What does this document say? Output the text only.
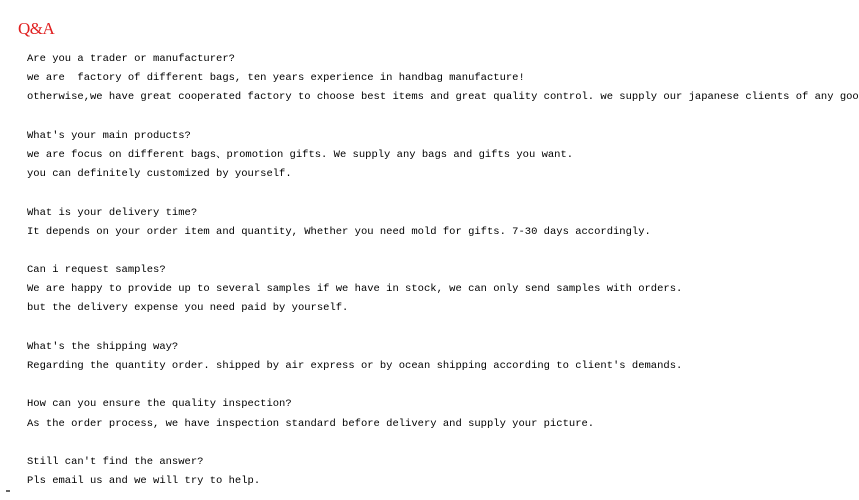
Q&A
Are you a trader or manufacturer?
we are  factory of different bags, ten years experience in handbag manufacture!
otherwise,we have great cooperated factory to choose best items and great quality control. we supply our japanese clients of any goo
What's your main products?
we are focus on different bags、promotion gifts. We supply any bags and gifts you want.
you can definitely customized by yourself.
What is your delivery time?
It depends on your order item and quantity, Whether you need mold for gifts. 7-30 days accordingly.
Can i request samples?
We are happy to provide up to several samples if we have in stock, we can only send samples with orders.
but the delivery expense you need paid by yourself.
What's the shipping way?
Regarding the quantity order. shipped by air express or by ocean shipping according to client's demands.
How can you ensure the quality inspection?
As the order process, we have inspection standard before delivery and supply your picture.
Still can't find the answer?
Pls email us and we will try to help.
